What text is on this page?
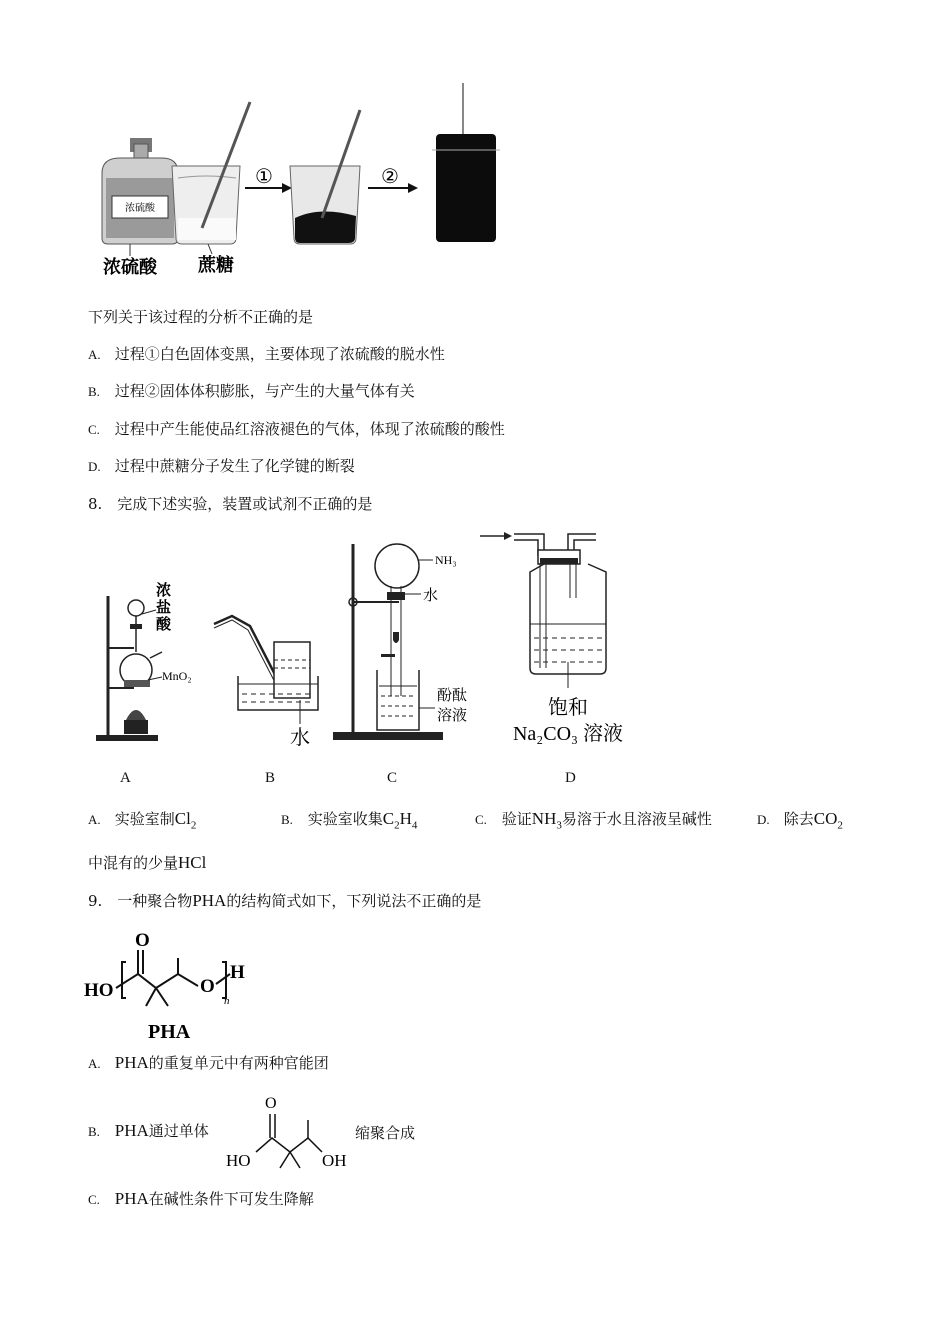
浓硫酸
①	②
浓硫酸 蔗糖
下列关于该过程的分析不正确的是
A. 过程①白色固体变黑，主要体现了浓硫酸的脱水性
B. 过程②固体体积膨胀，与产生的大量气体有关
C. 过程中产生能使品红溶液褪色的气体，体现了浓硫酸的酸性
D. 过程中蔗糖分子发生了化学键的断裂
8.　完成下述实验，装置或试剂不正确的是
浓
盐
酸
MnO₂
A
水
B
NH₃
水
酚酞
溶液
C
饱和
Na₂CO₃ 溶液
D
A. 实验室制$Cl_2$	B. 实验室收集$C_2H_4$	C. 验证$NH_3$易溶于水且溶液呈碱性	D. 除去$CO_2$
中混有的少量HCl
9.　一种聚合物PHA的结构简式如下，下列说法不正确的是
HO
O
O
H
n
PHA
A. PHA的重复单元中有两种官能团
B. PHA通过单体
O
HO	OH
缩聚合成
C. PHA在碱性条件下可发生降解
